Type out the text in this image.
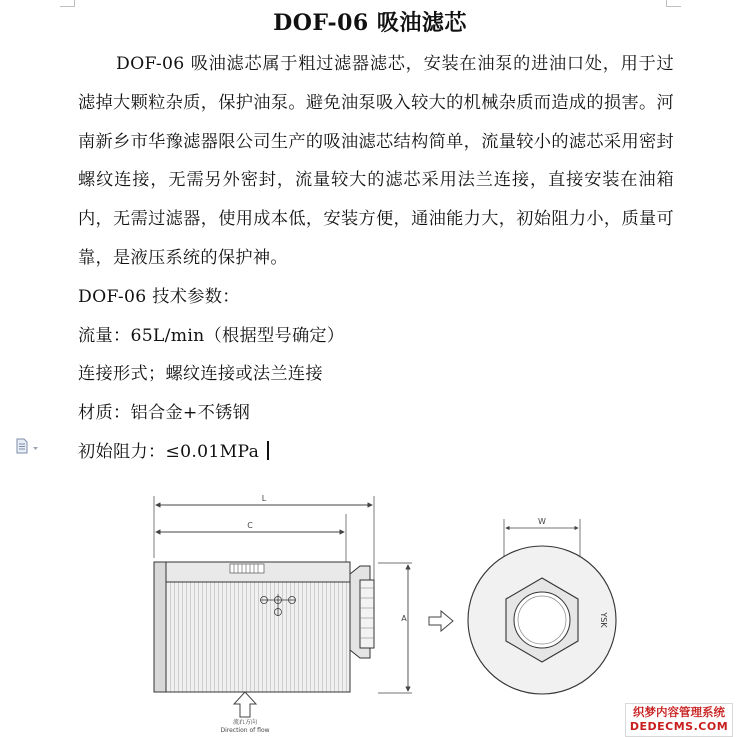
DOF-06 吸油滤芯

DOF-06 吸油滤芯属于粗过滤器滤芯，安装在油泵的进油口处，用于过滤掉大颗粒杂质，保护油泵。避免油泵吸入较大的机械杂质而造成的损害。河南新乡市华豫滤器限公司生产的吸油滤芯结构简单，流量较小的滤芯采用密封螺纹连接，无需另外密封，流量较大的滤芯采用法兰连接，直接安装在油箱内，无需过滤器，使用成本低，安装方便，通油能力大，初始阻力小，质量可靠，是液压系统的保护神。

DOF-06 技术参数：

流量：65L/min（根据型号确定）

连接形式；螺纹连接或法兰连接

材质：铝合金+不锈钢

初始阻力：≤0.01MPa

L
C
A
流れ方向
Direction of flow
W
YSK
织梦内容管理系统
DEDECMS.COM
